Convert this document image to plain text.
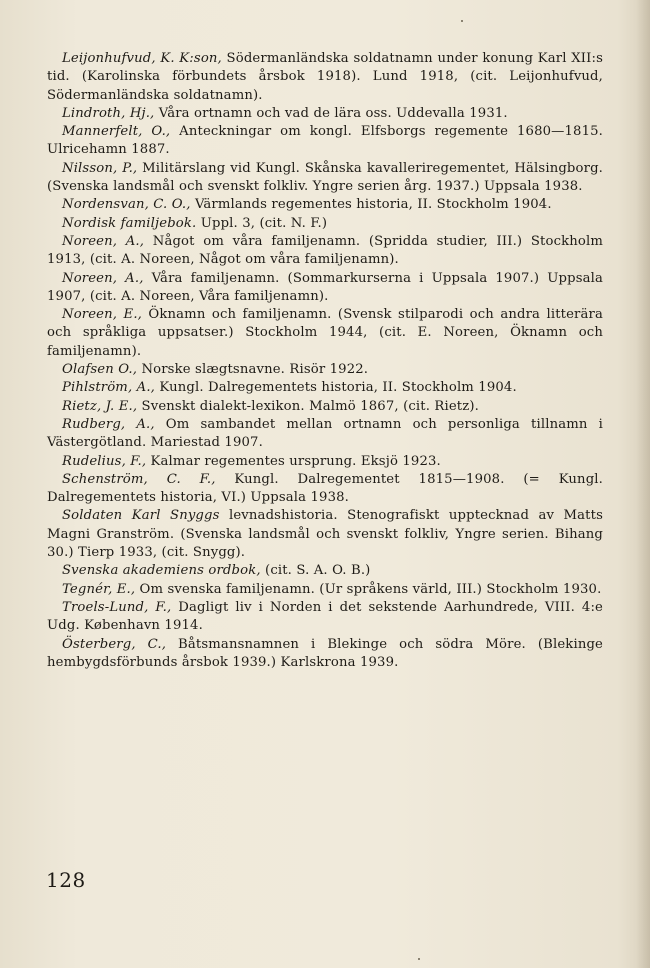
Leijonhufvud, K. K:son, Södermanländska soldatnamn under konung Karl XII:s tid. (Karolinska förbundets årsbok 1918). Lund 1918, (cit. Leijonhufvud, Södermanländska soldatnamn).

Lindroth, Hj., Våra ortnamn och vad de lära oss. Uddevalla 1931.

Mannerfelt, O., Anteckningar om kongl. Elfsborgs regemente 1680—1815. Ulricehamn 1887.

Nilsson, P., Militärslang vid Kungl. Skånska kavalleriregementet, Hälsingborg. (Svenska landsmål och svenskt folkliv. Yngre serien årg. 1937.) Uppsala 1938.

Nordensvan, C. O., Värmlands regementes historia, II. Stockholm 1904.

Nordisk familjebok. Uppl. 3, (cit. N. F.)

Noreen, A., Något om våra familjenamn. (Spridda studier, III.) Stockholm 1913, (cit. A. Noreen, Något om våra familjenamn).

Noreen, A., Våra familjenamn. (Sommarkurserna i Uppsala 1907.) Uppsala 1907, (cit. A. Noreen, Våra familjenamn).

Noreen, E., Öknamn och familjenamn. (Svensk stilparodi och andra litterära och språkliga uppsatser.) Stockholm 1944, (cit. E. Noreen, Öknamn och familjenamn).

Olafsen O., Norske slægtsnavne. Risör 1922.

Pihlström, A., Kungl. Dalregementets historia, II. Stockholm 1904.

Rietz, J. E., Svenskt dialekt-lexikon. Malmö 1867, (cit. Rietz).

Rudberg, A., Om sambandet mellan ortnamn och personliga tillnamn i Västergötland. Mariestad 1907.

Rudelius, F., Kalmar regementes ursprung. Eksjö 1923.

Schenström, C. F., Kungl. Dalregementet 1815—1908. (= Kungl. Dalregementets historia, VI.) Uppsala 1938.

Soldaten Karl Snyggs levnadshistoria. Stenografiskt upptecknad av Matts Magni Granström. (Svenska landsmål och svenskt folkliv, Yngre serien. Bihang 30.) Tierp 1933, (cit. Snygg).

Svenska akademiens ordbok, (cit. S. A. O. B.)

Tegnér, E., Om svenska familjenamn. (Ur språkens värld, III.) Stockholm 1930.

Troels-Lund, F., Dagligt liv i Norden i det sekstende Aarhundrede, VIII. 4:e Udg. København 1914.

Österberg, C., Båtsmansnamnen i Blekinge och södra Möre. (Blekinge hembygdsförbunds årsbok 1939.) Karlskrona 1939.

128
